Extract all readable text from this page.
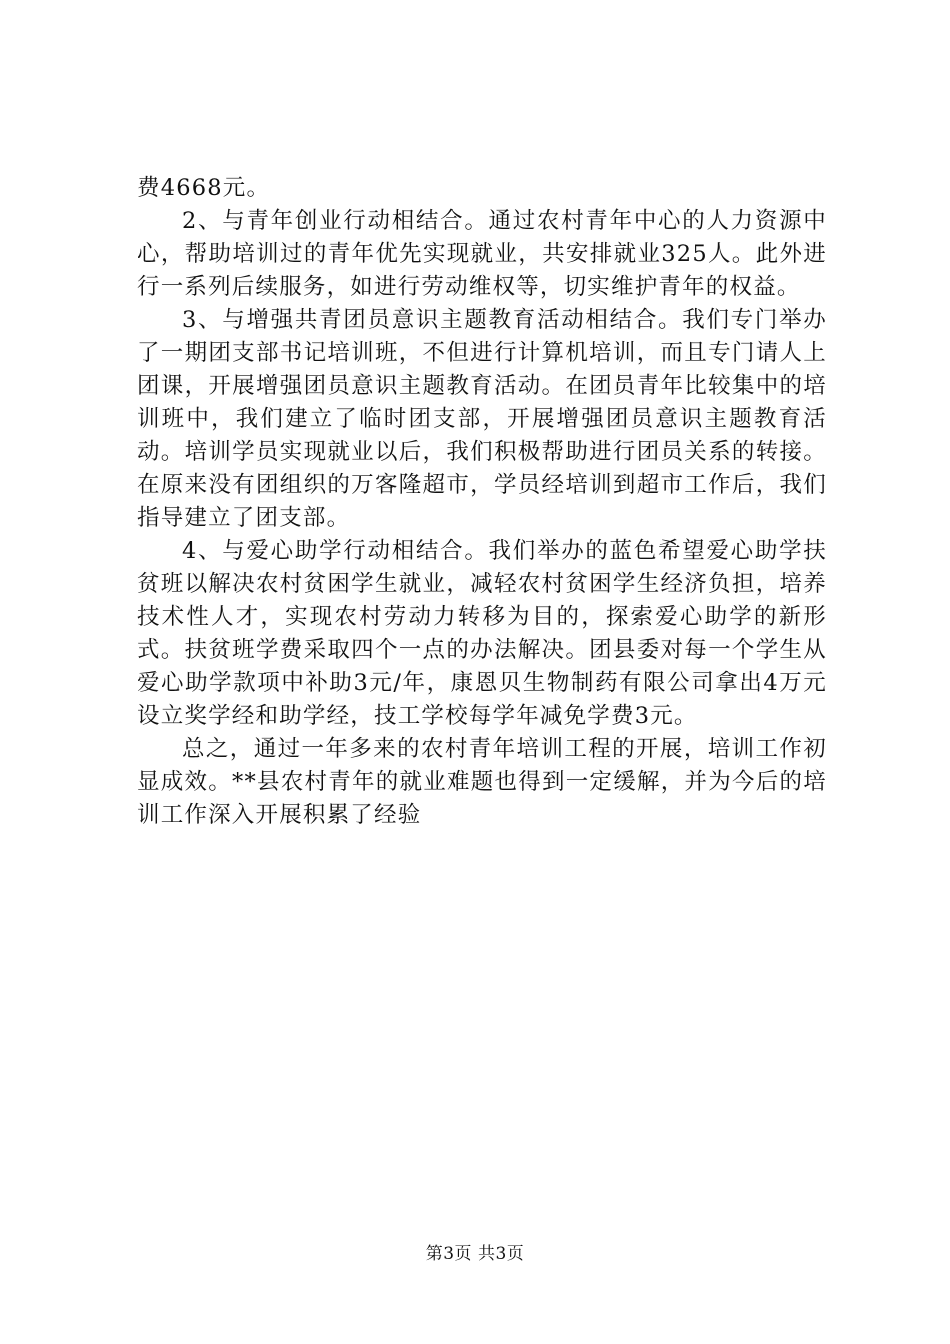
费4668元。

2、与青年创业行动相结合。通过农村青年中心的人力资源中心，帮助培训过的青年优先实现就业，共安排就业325人。此外进行一系列后续服务，如进行劳动维权等，切实维护青年的权益。

3、与增强共青团员意识主题教育活动相结合。我们专门举办了一期团支部书记培训班，不但进行计算机培训，而且专门请人上团课，开展增强团员意识主题教育活动。在团员青年比较集中的培训班中，我们建立了临时团支部，开展增强团员意识主题教育活动。培训学员实现就业以后，我们积极帮助进行团员关系的转接。在原来没有团组织的万客隆超市，学员经培训到超市工作后，我们指导建立了团支部。

4、与爱心助学行动相结合。我们举办的蓝色希望爱心助学扶贫班以解决农村贫困学生就业，减轻农村贫困学生经济负担，培养技术性人才，实现农村劳动力转移为目的，探索爱心助学的新形式。扶贫班学费采取四个一点的办法解决。团县委对每一个学生从爱心助学款项中补助3元/年，康恩贝生物制药有限公司拿出4万元设立奖学经和助学经，技工学校每学年减免学费3元。

总之，通过一年多来的农村青年培训工程的开展，培训工作初显成效。**县农村青年的就业难题也得到一定缓解，并为今后的培训工作深入开展积累了经验

第3页 共3页
